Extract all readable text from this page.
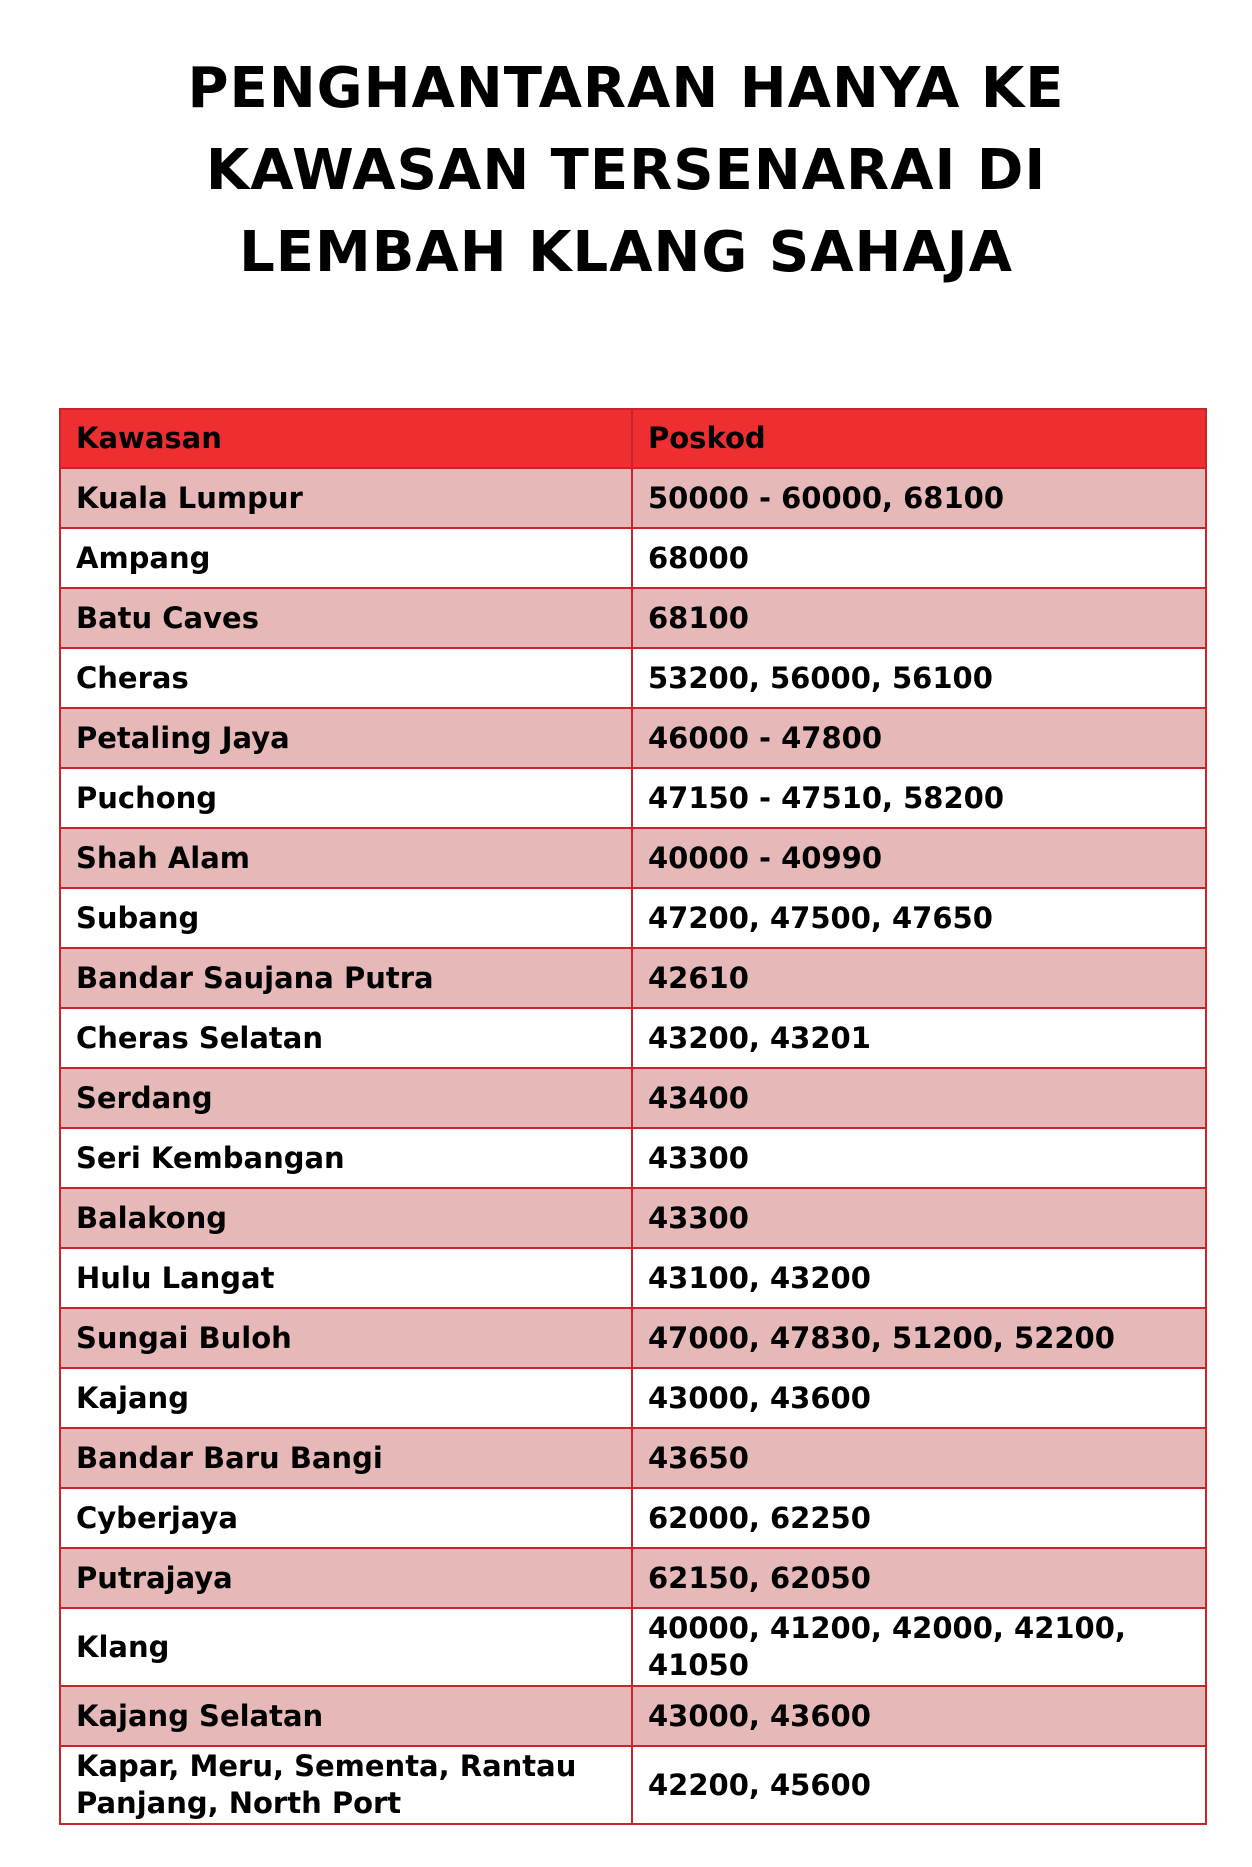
PENGHANTARAN HANYA KE
KAWASAN TERSENARAI DI
LEMBAH KLANG SAHAJA
Kawasan	Poskod
Kuala Lumpur	50000 - 60000, 68100
Ampang	68000
Batu Caves	68100
Cheras	53200, 56000, 56100
Petaling Jaya	46000 - 47800
Puchong	47150 - 47510, 58200
Shah Alam	40000 - 40990
Subang	47200, 47500, 47650
Bandar Saujana Putra	42610
Cheras Selatan	43200, 43201
Serdang	43400
Seri Kembangan	43300
Balakong	43300
Hulu Langat	43100, 43200
Sungai Buloh	47000, 47830, 51200, 52200
Kajang	43000, 43600
Bandar Baru Bangi	43650
Cyberjaya	62000, 62250
Putrajaya	62150, 62050
Klang	40000, 41200, 42000, 42100, 41050
Kajang Selatan	43000, 43600
Kapar, Meru, Sementa, Rantau Panjang, North Port	42200, 45600
